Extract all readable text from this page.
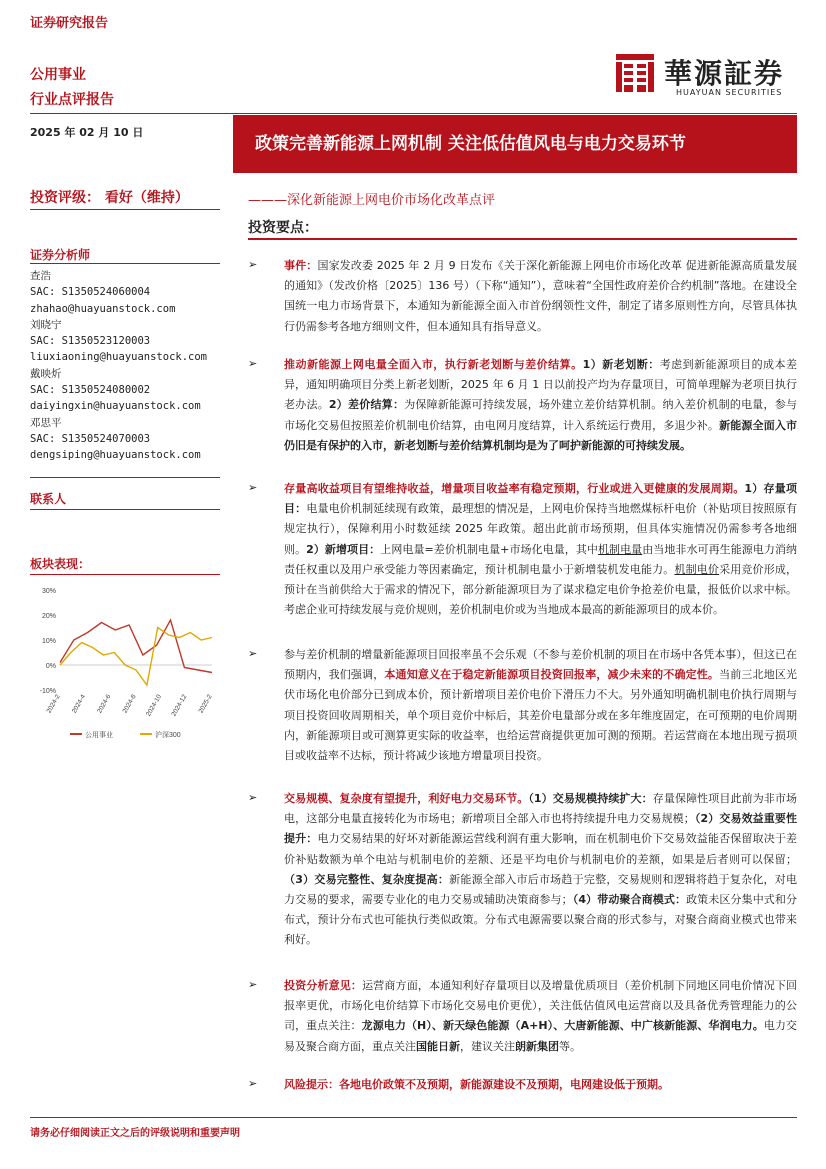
证券研究报告
公用事业
行业点评报告
華源証券
HUAYUAN SECURITIES
2025 年 02 月 10 日
政策完善新能源上网机制 关注低估值风电与电力交易环节
投资评级： 看好（维持）	———深化新能源上网电价市场化改革点评
投资要点：
证券分析师
查浩
SAC: S1350524060004
zhahao@huayuanstock.com
刘晓宁
SAC: S1350523120003
liuxiaoning@huayuanstock.com
戴映炘
SAC: S1350524080002
daiyingxin@huayuanstock.com
邓思平
SAC: S1350524070003
dengsiping@huayuanstock.com
联系人
板块表现：
30%
20%
10%
0%
-10%
2024-2 2024-4 2024-6 2024-8 2024-10 2024-12 2025-2
公用事业	沪深300
➢ 事件：国家发改委 2025 年 2 月 9 日发布《关于深化新能源上网电价市场化改革 促进新能源高质量发展的通知》（发改价格〔2025〕136 号）（下称“通知”），意味着“全国性政府差价合约机制”落地。在建设全国统一电力市场背景下，本通知为新能源全面入市首份纲领性文件，制定了诸多原则性方向，尽管具体执行仍需参考各地方细则文件，但本通知具有指导意义。
➢ 推动新能源上网电量全面入市，执行新老划断与差价结算。1）新老划断：考虑到新能源项目的成本差异，通知明确项目分类上新老划断，2025 年 6 月 1 日以前投产均为存量项目，可简单理解为老项目执行老办法。2）差价结算：为保障新能源可持续发展，场外建立差价结算机制。纳入差价机制的电量，参与市场化交易但按照差价机制电价结算，由电网月度结算，计入系统运行费用，多退少补。新能源全面入市仍旧是有保护的入市，新老划断与差价结算机制均是为了呵护新能源的可持续发展。
➢ 存量高收益项目有望维持收益，增量项目收益率有稳定预期，行业或进入更健康的发展周期。1）存量项目：电量电价机制延续现有政策，最理想的情况是，上网电价保持当地燃煤标杆电价（补贴项目按照原有规定执行），保障利用小时数延续 2025 年政策。超出此前市场预期，但具体实施情况仍需参考各地细则。2）新增项目：上网电量=差价机制电量+市场化电量，其中机制电量由当地非水可再生能源电力消纳责任权重以及用户承受能力等因素确定，预计机制电量小于新增装机发电能力。机制电价采用竞价形成，预计在当前供给大于需求的情况下，部分新能源项目为了谋求稳定电价争抢差价电量，报低价以求中标。考虑企业可持续发展与竞价规则，差价机制电价或为当地成本最高的新能源项目的成本价。
➢ 参与差价机制的增量新能源项目回报率虽不会乐观（不参与差价机制的项目在市场中各凭本事），但这已在预期内，我们强调，本通知意义在于稳定新能源项目投资回报率，减少未来的不确定性。当前三北地区光伏市场化电价部分已到成本价，预计新增项目差价电价下滑压力不大。另外通知明确机制电价执行周期与项目投资回收周期相关，单个项目竞价中标后，其差价电量部分或在多年维度固定，在可预期的电价周期内，新能源项目或可测算更实际的收益率，也给运营商提供更加可测的预期。若运营商在本地出现亏损项目或收益率不达标，预计将减少该地方增量项目投资。
➢ 交易规模、复杂度有望提升，利好电力交易环节。（1）交易规模持续扩大：存量保障性项目此前为非市场电，这部分电量直接转化为市场电；新增项目全部入市也将持续提升电力交易规模；（2）交易效益重要性提升：电力交易结果的好坏对新能源运营线利润有重大影响，而在机制电价下交易效益能否保留取决于差价补贴数额为单个电站与机制电价的差额、还是平均电价与机制电价的差额，如果是后者则可以保留；（3）交易完整性、复杂度提高：新能源全部入市后市场趋于完整，交易规则和逻辑将趋于复杂化，对电力交易的要求，需要专业化的电力交易或辅助决策商参与；（4）带动聚合商模式：政策未区分集中式和分布式，预计分布式也可能执行类似政策。分布式电源需要以聚合商的形式参与，对聚合商商业模式也带来利好。
➢ 投资分析意见：运营商方面，本通知利好存量项目以及增量优质项目（差价机制下同地区同电价情况下回报率更优，市场化电价结算下市场化交易电价更优），关注低估值风电运营商以及具备优秀管理能力的公司，重点关注：龙源电力（H）、新天绿色能源（A+H）、大唐新能源、中广核新能源、华润电力。电力交易及聚合商方面，重点关注国能日新，建议关注朗新集团等。
➢ 风险提示：各地电价政策不及预期，新能源建设不及预期，电网建设低于预期。
请务必仔细阅读正文之后的评级说明和重要声明
